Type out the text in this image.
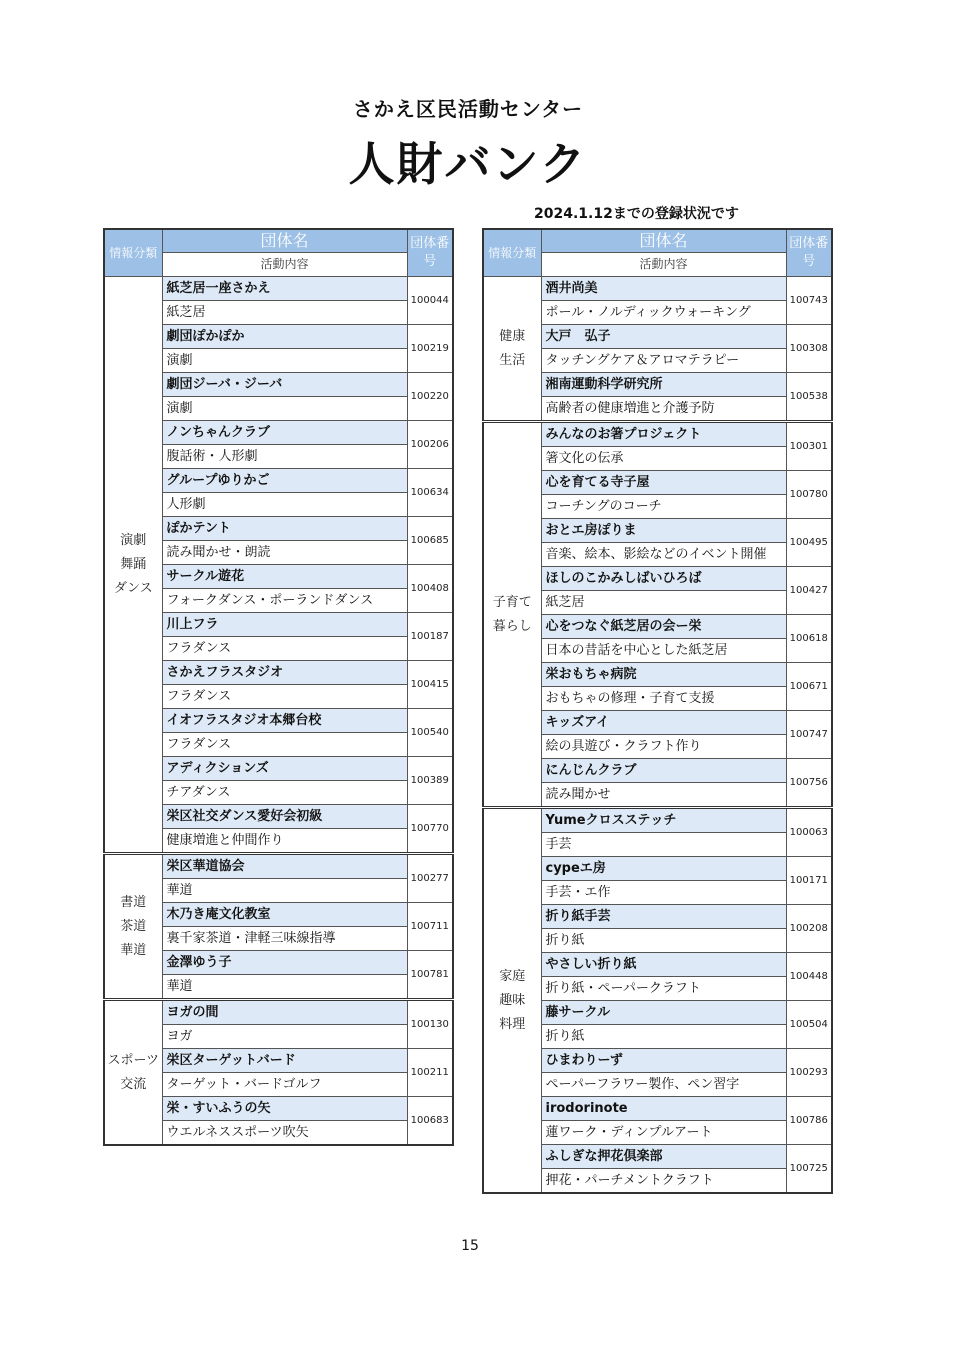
さかえ区民活動センター
人財バンク
2024.1.12までの登録状況です
情報分類	団体名	団体番号
	活動内容	
演劇
舞踊
ダンス	紙芝居一座さかえ	100044
	紙芝居	
	劇団ぽかぽか	100219
	演劇	
	劇団ジーバ・ジーバ	100220
	演劇	
	ノンちゃんクラブ	100206
	腹話術・人形劇	
	グループゆりかご	100634
	人形劇	
	ぽかテント	100685
	読み聞かせ・朗読	
	サークル遊花	100408
	フォークダンス・ポーランドダンス	
	川上フラ	100187
	フラダンス	
	さかえフラスタジオ	100415
	フラダンス	
	イオフラスタジオ本郷台校	100540
	フラダンス	
	アディクションズ	100389
	チアダンス	
	栄区社交ダンス愛好会初級	100770
	健康増進と仲間作り	
書道
茶道
華道	栄区華道協会	100277
	華道	
	木乃き庵文化教室	100711
	裏千家茶道・津軽三味線指導	
	金澤ゆう子	100781
	華道	
スポーツ
交流	ヨガの間	100130
	ヨガ	
	栄区ターゲットバード	100211
	ターゲット・バードゴルフ	
	栄・すいふうの矢	100683
	ウエルネススポーツ吹矢	
情報分類	団体名	団体番号
	活動内容	
健康
生活	酒井尚美	100743
	ポール・ノルディックウォーキング	
	大戸　弘子	100308
	タッチングケア＆アロマテラピー	
	湘南運動科学研究所	100538
	高齢者の健康増進と介護予防	
子育て
暮らし	みんなのお箸プロジェクト	100301
	箸文化の伝承	
	心を育てる寺子屋	100780
	コーチングのコーチ	
	おとエ房ぽりま	100495
	音楽、絵本、影絵などのイベント開催	
	ほしのこかみしばいひろば	100427
	紙芝居	
	心をつなぐ紙芝居の会ー栄	100618
	日本の昔話を中心とした紙芝居	
	栄おもちゃ病院	100671
	おもちゃの修理・子育て支援	
	キッズアイ	100747
	絵の具遊び・クラフト作り	
	にんじんクラブ	100756
	読み聞かせ	
家庭
趣味
料理	Yumeクロスステッチ	100063
	手芸	
	cypeエ房	100171
	手芸・エ作	
	折り紙手芸	100208
	折り紙	
	やさしい折り紙	100448
	折り紙・ペーパークラフト	
	藤サークル	100504
	折り紙	
	ひまわりーず	100293
	ペーパーフラワー製作、ペン習字	
	irodorinote	100786
	蓮ワーク・ディンプルアート	
	ふしぎな押花倶楽部	100725
	押花・パーチメントクラフト	
15
